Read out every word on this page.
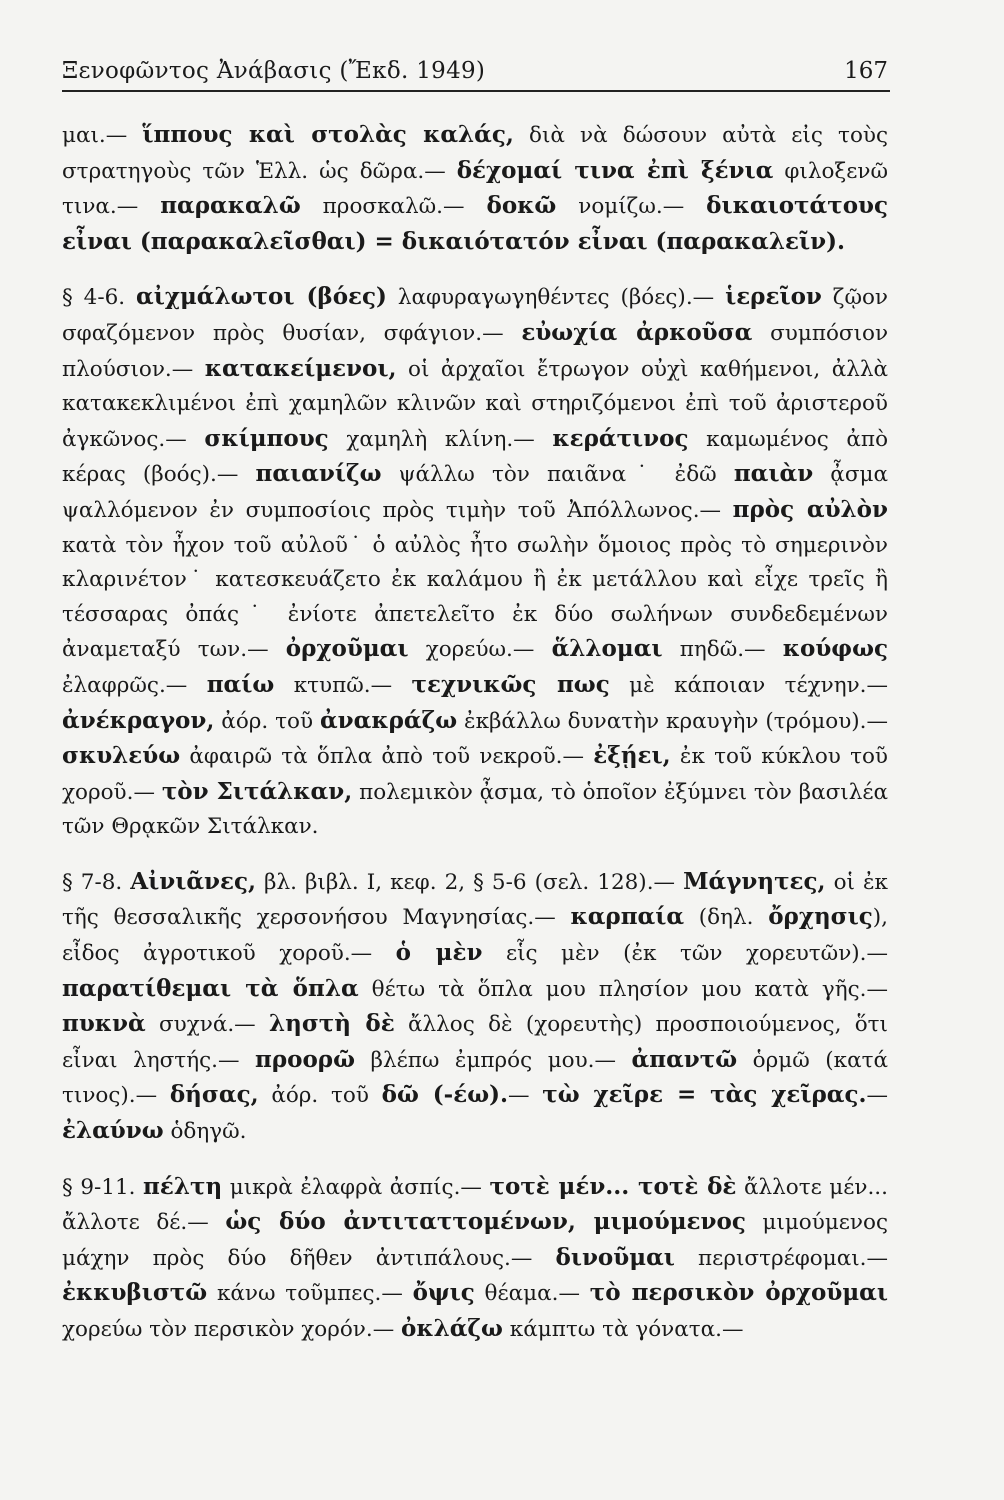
Ξενοφῶντος Ἀνάβασις (Ἔκδ. 1949)	167

μαι.— ἵππους καὶ στολὰς καλάς, διὰ νὰ δώσουν αὐτὰ εἰς τοὺς στρατηγοὺς τῶν Ἑλλ. ὡς δῶρα.— δέχομαί τινα ἐπὶ ξένια φιλοξενῶ τινα.— παρακαλῶ προσκαλῶ.— δοκῶ νομίζω.— δικαιοτάτους εἶναι (παρακαλεῖσθαι) = δικαιότατόν εἶναι (παρακαλεῖν).

§ 4-6. αἰχμάλωτοι (βόες) λαφυραγωγηθέντες (βόες).— ἱερεῖον ζῷον σφαζόμενον πρὸς θυσίαν, σφάγιον.— εὐωχία ἀρκοῦσα συμπόσιον πλούσιον.— κατακείμενοι, οἱ ἀρχαῖοι ἔτρωγον οὐχὶ καθήμενοι, ἀλλὰ κατακεκλιμένοι ἐπὶ χαμηλῶν κλινῶν καὶ στηριζόμενοι ἐπὶ τοῦ ἀριστεροῦ ἀγκῶνος.— σκίμπους χαμηλὴ κλίνη.— κεράτινος καμωμένος ἀπὸ κέρας (βοός).— παιανίζω ψάλλω τὸν παιᾶνα˙ ἐδῶ παιὰν ᾆσμα ψαλλόμενον ἐν συμποσίοις πρὸς τιμὴν τοῦ Ἀπόλλωνος.— πρὸς αὐλὸν κατὰ τὸν ἦχον τοῦ αὐλοῦ˙ ὁ αὐλὸς ἦτο σωλὴν ὅμοιος πρὸς τὸ σημερινὸν κλαρινέτον˙ κατεσκευάζετο ἐκ καλάμου ἢ ἐκ μετάλλου καὶ εἶχε τρεῖς ἢ τέσσαρας ὀπάς˙ ἐνίοτε ἀπετελεῖτο ἐκ δύο σωλήνων συνδεδεμένων ἀναμεταξύ των.— ὀρχοῦμαι χορεύω.— ἅλλομαι πηδῶ.— κούφως ἐλαφρῶς.— παίω κτυπῶ.— τεχνικῶς πως μὲ κάποιαν τέχνην.— ἀνέκραγον, ἀόρ. τοῦ ἀνακράζω ἐκβάλλω δυνατὴν κραυγὴν (τρόμου).— σκυλεύω ἀφαιρῶ τὰ ὅπλα ἀπὸ τοῦ νεκροῦ.— ἐξῄει, ἐκ τοῦ κύκλου τοῦ χοροῦ.— τὸν Σιτάλκαν, πολεμικὸν ᾆσμα, τὸ ὁποῖον ἐξύμνει τὸν βασιλέα τῶν Θρᾳκῶν Σιτάλκαν.

§ 7-8. Αἰνιᾶνες, βλ. βιβλ. I, κεφ. 2, § 5-6 (σελ. 128).— Μάγνητες, οἱ ἐκ τῆς θεσσαλικῆς χερσονήσου Μαγνησίας.— καρπαία (δηλ. ὄρχησις), εἶδος ἀγροτικοῦ χοροῦ.— ὁ μὲν εἷς μὲν (ἐκ τῶν χορευτῶν).— παρατίθεμαι τὰ ὅπλα θέτω τὰ ὅπλα μου πλησίον μου κατὰ γῆς.— πυκνὰ συχνά.— ληστὴ δὲ ἄλλος δὲ (χορευτὴς) προσποιούμενος, ὅτι εἶναι ληστής.— προορῶ βλέπω ἐμπρός μου.— ἀπαντῶ ὁρμῶ (κατά τινος).— δήσας, ἀόρ. τοῦ δῶ (-έω).— τὼ χεῖρε = τὰς χεῖρας.— ἐλαύνω ὁδηγῶ.

§ 9-11. πέλτη μικρὰ ἐλαφρὰ ἀσπίς.— τοτὲ μέν... τοτὲ δὲ ἄλλοτε μέν... ἄλλοτε δέ.— ὡς δύο ἀντιταττομένων, μιμούμενος μιμούμενος μάχην πρὸς δύο δῆθεν ἀντιπάλους.— δινοῦμαι περιστρέφομαι.— ἐκκυβιστῶ κάνω τοῦμπες.— ὄψις θέαμα.— τὸ περσικὸν ὀρχοῦμαι χορεύω τὸν περσικὸν χορόν.— ὀκλάζω κάμπτω τὰ γόνατα.—
